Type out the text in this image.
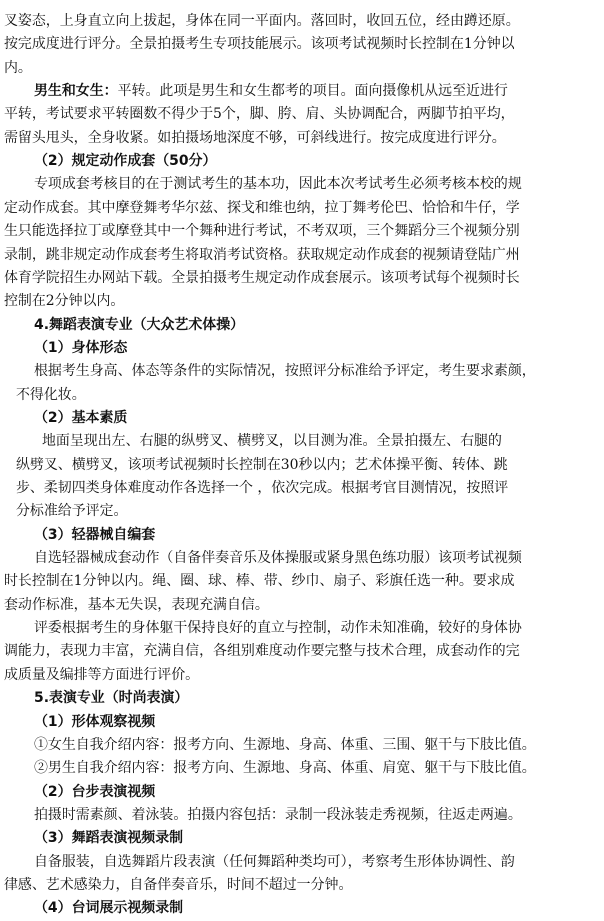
叉姿态，上身直立向上拔起，身体在同一平面内。落回时，收回五位，经由蹲还原。
按完成度进行评分。全景拍摄考生专项技能展示。该项考试视频时长控制在1分钟以
内。
男生和女生：平转。此项是男生和女生都考的项目。面向摄像机从远至近进行
平转，考试要求平转圈数不得少于5个，脚、胯、肩、头协调配合，两脚节拍平均，
需留头甩头，全身收紧。如拍摄场地深度不够，可斜线进行。按完成度进行评分。
（2）规定动作成套（50分）
专项成套考核目的在于测试考生的基本功，因此本次考试考生必须考核本校的规
定动作成套。其中摩登舞考华尔兹、探戈和维也纳，拉丁舞考伦巴、恰恰和牛仔，学
生只能选择拉丁或摩登其中一个舞种进行考试，不考双项，三个舞蹈分三个视频分别
录制，跳非规定动作成套考生将取消考试资格。获取规定动作成套的视频请登陆广州
体育学院招生办网站下载。全景拍摄考生规定动作成套展示。该项考试每个视频时长
控制在2分钟以内。
4.舞蹈表演专业（大众艺术体操）
（1）身体形态
根据考生身高、体态等条件的实际情况，按照评分标准给予评定，考生要求素颜，
不得化妆。
（2）基本素质
地面呈现出左、右腿的纵劈叉、横劈叉，以目测为准。全景拍摄左、右腿的
纵劈叉、横劈叉，该项考试视频时长控制在30秒以内；艺术体操平衡、转体、跳
步、柔韧四类身体难度动作各选择一个 ，依次完成。根据考官目测情况，按照评
分标准给予评定。
（3）轻器械自编套
自选轻器械成套动作（自备伴奏音乐及体操服或紧身黑色练功服）该项考试视频
时长控制在1分钟以内。绳、圈、球、棒、带、纱巾、扇子、彩旗任选一种。要求成
套动作标准，基本无失误，表现充满自信。
评委根据考生的身体躯干保持良好的直立与控制，动作未知准确，较好的身体协
调能力，表现力丰富，充满自信，各组别难度动作要完整与技术合理，成套动作的完
成质量及编排等方面进行评价。
5.表演专业（时尚表演）
（1）形体观察视频
①女生自我介绍内容：报考方向、生源地、身高、体重、三围、躯干与下肢比值。
②男生自我介绍内容：报考方向、生源地、身高、体重、肩宽、躯干与下肢比值。
（2）台步表演视频
拍摄时需素颜、着泳装。拍摄内容包括：录制一段泳装走秀视频，往返走两遍。
（3）舞蹈表演视频录制
自备服装，自选舞蹈片段表演（任何舞蹈种类均可），考察考生形体协调性、韵
律感、艺术感染力，自备伴奏音乐，时间不超过一分钟。
（4）台词展示视频录制
